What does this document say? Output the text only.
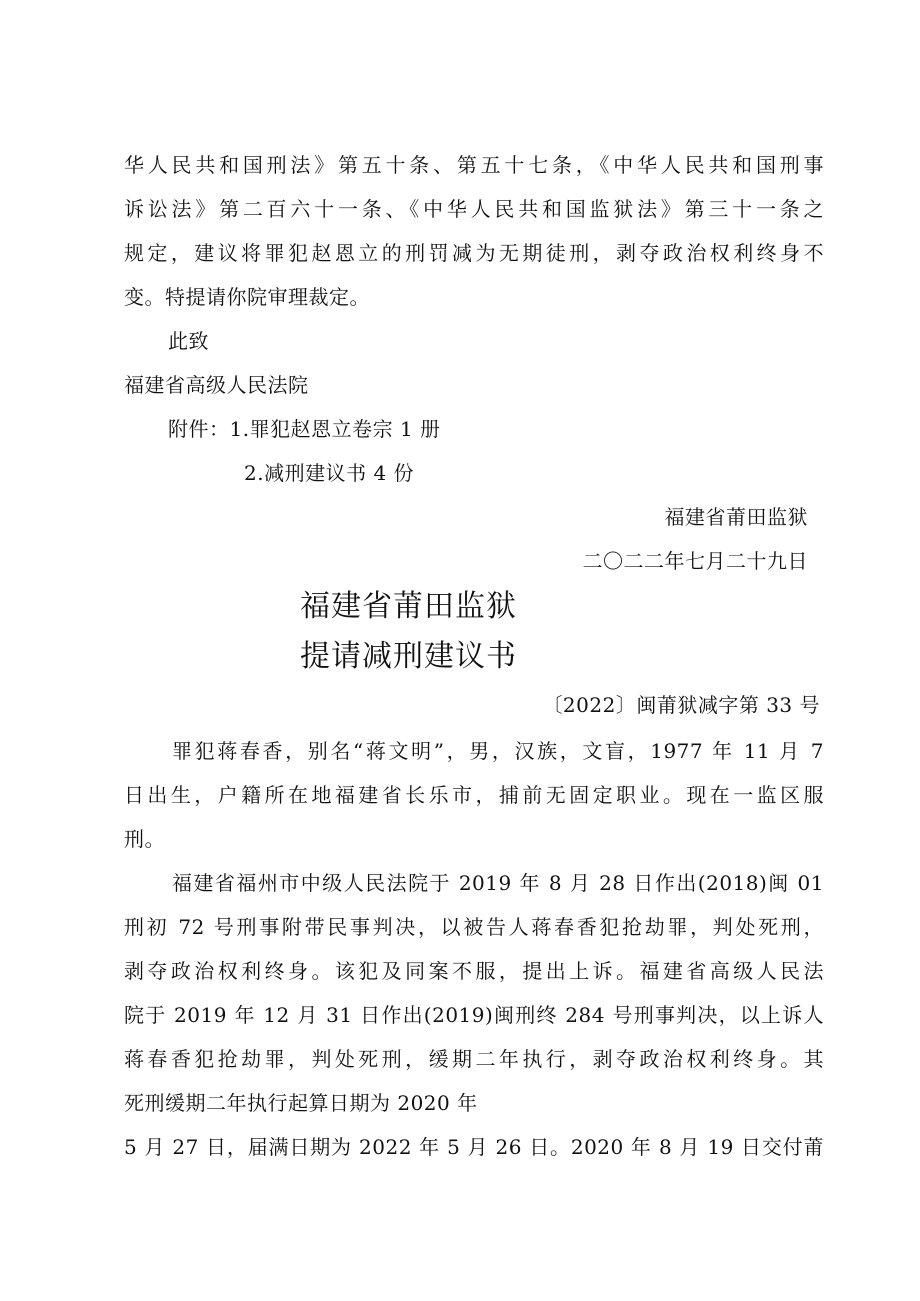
华人民共和国刑法》第五十条、第五十七条，《中华人民共和国刑事
诉讼法》第二百六十一条、《中华人民共和国监狱法》第三十一条之
规定，建议将罪犯赵恩立的刑罚减为无期徒刑，剥夺政治权利终身不
变。特提请你院审理裁定。
此致
福建省高级人民法院
附件：1.罪犯赵恩立卷宗 1 册
2.减刑建议书 4 份
福建省莆田监狱
二〇二二年七月二十九日
福建省莆田监狱
提请减刑建议书
〔2022〕闽莆狱减字第 33 号
罪犯蒋春香，别名“蒋文明”，男，汉族，文盲，1977 年 11 月 7
日出生，户籍所在地福建省长乐市，捕前无固定职业。现在一监区服
刑。
福建省福州市中级人民法院于 2019 年 8 月 28 日作出(2018)闽 01
刑初 72 号刑事附带民事判决，以被告人蒋春香犯抢劫罪，判处死刑，
剥夺政治权利终身。该犯及同案不服，提出上诉。福建省高级人民法
院于 2019 年 12 月 31 日作出(2019)闽刑终 284 号刑事判决，以上诉人
蒋春香犯抢劫罪，判处死刑，缓期二年执行，剥夺政治权利终身。其
死刑缓期二年执行起算日期为 2020 年
5 月 27 日，届满日期为 2022 年 5 月 26 日。2020 年 8 月 19 日交付莆
